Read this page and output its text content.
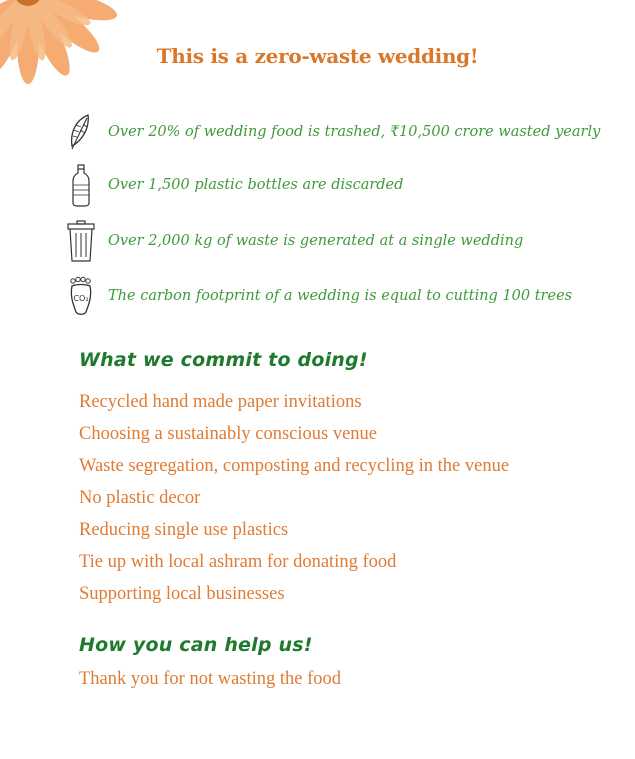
This is a zero-waste wedding!
Over 20% of wedding food is trashed, ₹10,500 crore wasted yearly
Over 1,500 plastic bottles are discarded
Over 2,000 kg of waste is generated at a single wedding
CO₂ The carbon footprint of a wedding is equal to cutting 100 trees
What we commit to doing!
Recycled hand made paper invitations
Choosing a sustainably conscious venue
Waste segregation, composting and recycling in the venue
No plastic decor
Reducing single use plastics
Tie up with local ashram for donating food
Supporting local businesses
How you can help us!
Thank you for not wasting the food
